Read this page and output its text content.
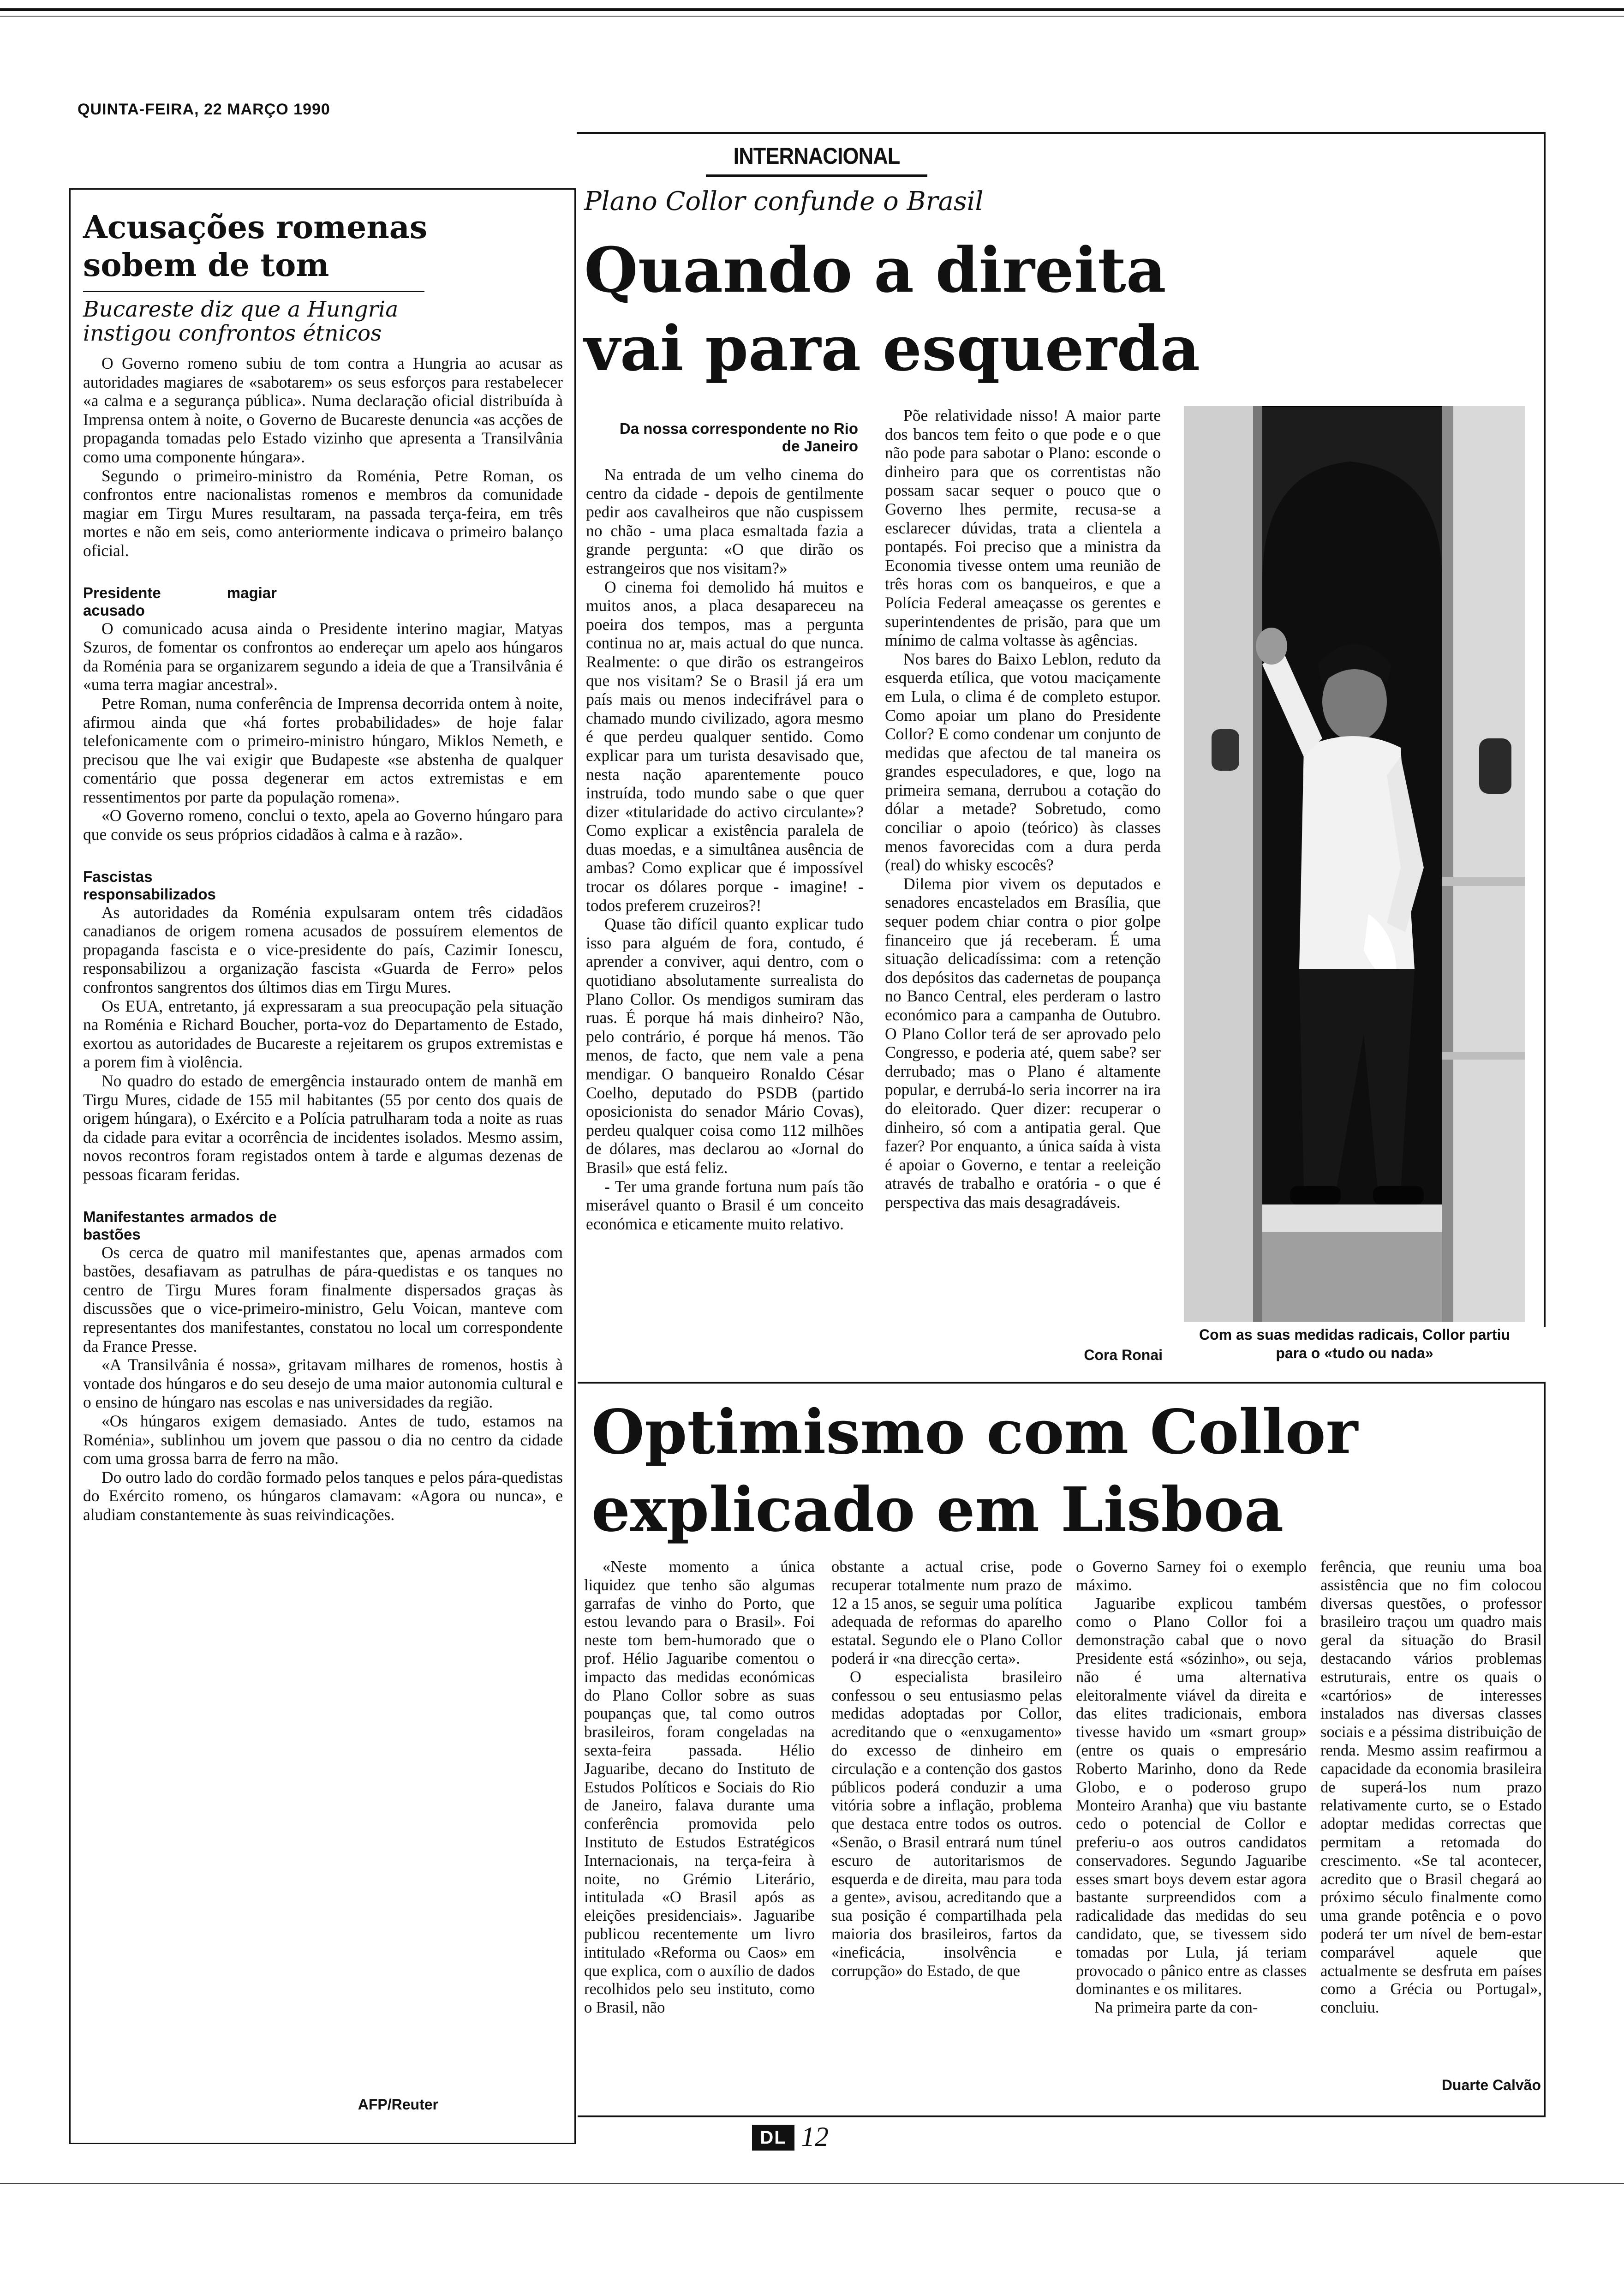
QUINTA-FEIRA, 22 MARÇO 1990
INTERNACIONAL
Acusações romenas sobem de tom
Bucareste diz que a Hungria instigou confrontos étnicos

O Governo romeno subiu de tom contra a Hungria ao acusar as autoridades magiares de «sabotarem» os seus esforços para restabelecer «a calma e a segurança pública». Numa declaração oficial distribuída à Imprensa ontem à noite, o Governo de Bucareste denuncia «as acções de propaganda tomadas pelo Estado vizinho que apresenta a Transilvânia como uma componente húngara».

Segundo o primeiro-ministro da Roménia, Petre Roman, os confrontos entre nacionalistas romenos e membros da comunidade magiar em Tirgu Mures resultaram, na passada terça-feira, em três mortes e não em seis, como anteriormente indicava o primeiro balanço oficial.

Presidente magiar acusado

O comunicado acusa ainda o Presidente interino magiar, Matyas Szuros, de fomentar os confrontos ao endereçar um apelo aos húngaros da Roménia para se organizarem segundo a ideia de que a Transilvânia é «uma terra magiar ancestral».

Petre Roman, numa conferência de Imprensa decorrida ontem à noite, afirmou ainda que «há fortes probabilidades» de hoje falar telefonicamente com o primeiro-ministro húngaro, Miklos Nemeth, e precisou que lhe vai exigir que Budapeste «se abstenha de qualquer comentário que possa degenerar em actos extremistas e em ressentimentos por parte da população romena».

«O Governo romeno, conclui o texto, apela ao Governo húngaro para que convide os seus próprios cidadãos à calma e à razão».

Fascistas responsabilizados

As autoridades da Roménia expulsaram ontem três cidadãos canadianos de origem romena acusados de possuírem elementos de propaganda fascista e o vice-presidente do país, Cazimir Ionescu, responsabilizou a organização fascista «Guarda de Ferro» pelos confrontos sangrentos dos últimos dias em Tirgu Mures.

Os EUA, entretanto, já expressaram a sua preocupação pela situação na Roménia e Richard Boucher, porta-voz do Departamento de Estado, exortou as autoridades de Bucareste a rejeitarem os grupos extremistas e a porem fim à violência.

No quadro do estado de emergência instaurado ontem de manhã em Tirgu Mures, cidade de 155 mil habitantes (55 por cento dos quais de origem húngara), o Exército e a Polícia patrulharam toda a noite as ruas da cidade para evitar a ocorrência de incidentes isolados. Mesmo assim, novos recontros foram registados ontem à tarde e algumas dezenas de pessoas ficaram feridas.

Manifestantes armados de bastões

Os cerca de quatro mil manifestantes que, apenas armados com bastões, desafiavam as patrulhas de pára-quedistas e os tanques no centro de Tirgu Mures foram finalmente dispersados graças às discussões que o vice-primeiro-ministro, Gelu Voican, manteve com representantes dos manifestantes, constatou no local um correspondente da France Presse.

«A Transilvânia é nossa», gritavam milhares de romenos, hostis à vontade dos húngaros e do seu desejo de uma maior autonomia cultural e o ensino de húngaro nas escolas e nas universidades da região.

«Os húngaros exigem demasiado. Antes de tudo, estamos na Roménia», sublinhou um jovem que passou o dia no centro da cidade com uma grossa barra de ferro na mão.

Do outro lado do cordão formado pelos tanques e pelos pára-quedistas do Exército romeno, os húngaros clamavam: «Agora ou nunca», e aludiam constantemente às suas reivindicações.

AFP/Reuter
Plano Collor confunde o Brasil
Quando a direita vai para esquerda
Da nossa correspondente no Rio de Janeiro

Na entrada de um velho cinema do centro da cidade - depois de gentilmente pedir aos cavalheiros que não cuspissem no chão - uma placa esmaltada fazia a grande pergunta: «O que dirão os estrangeiros que nos visitam?»

O cinema foi demolido há muitos e muitos anos, a placa desapareceu na poeira dos tempos, mas a pergunta continua no ar, mais actual do que nunca. Realmente: o que dirão os estrangeiros que nos visitam? Se o Brasil já era um país mais ou menos indecifrável para o chamado mundo civilizado, agora mesmo é que perdeu qualquer sentido. Como explicar para um turista desavisado que, nesta nação aparentemente pouco instruída, todo mundo sabe o que quer dizer «titularidade do activo circulante»? Como explicar a existência paralela de duas moedas, e a simultânea ausência de ambas? Como explicar que é impossível trocar os dólares porque - imagine! - todos preferem cruzeiros?!

Quase tão difícil quanto explicar tudo isso para alguém de fora, contudo, é aprender a conviver, aqui dentro, com o quotidiano absolutamente surrealista do Plano Collor. Os mendigos sumiram das ruas. É porque há mais dinheiro? Não, pelo contrário, é porque há menos. Tão menos, de facto, que nem vale a pena mendigar. O banqueiro Ronaldo César Coelho, deputado do PSDB (partido oposicionista do senador Mário Covas), perdeu qualquer coisa como 112 milhões de dólares, mas declarou ao «Jornal do Brasil» que está feliz.

- Ter uma grande fortuna num país tão miserável quanto o Brasil é um conceito económica e eticamente muito relativo.

Põe relatividade nisso! A maior parte dos bancos tem feito o que pode e o que não pode para sabotar o Plano: esconde o dinheiro para que os correntistas não possam sacar sequer o pouco que o Governo lhes permite, recusa-se a esclarecer dúvidas, trata a clientela a pontapés. Foi preciso que a ministra da Economia tivesse ontem uma reunião de três horas com os banqueiros, e que a Polícia Federal ameaçasse os gerentes e superintendentes de prisão, para que um mínimo de calma voltasse às agências.

Nos bares do Baixo Leblon, reduto da esquerda etílica, que votou maciçamente em Lula, o clima é de completo estupor. Como apoiar um plano do Presidente Collor? E como condenar um conjunto de medidas que afectou de tal maneira os grandes especuladores, e que, logo na primeira semana, derrubou a cotação do dólar a metade? Sobretudo, como conciliar o apoio (teórico) às classes menos favorecidas com a dura perda (real) do whisky escocês?

Dilema pior vivem os deputados e senadores encastelados em Brasília, que sequer podem chiar contra o pior golpe financeiro que já receberam. É uma situação delicadíssima: com a retenção dos depósitos das cadernetas de poupança no Banco Central, eles perderam o lastro económico para a campanha de Outubro. O Plano Collor terá de ser aprovado pelo Congresso, e poderia até, quem sabe? ser derrubado; mas o Plano é altamente popular, e derrubá-lo seria incorrer na ira do eleitorado. Quer dizer: recuperar o dinheiro, só com a antipatia geral. Que fazer? Por enquanto, a única saída à vista é apoiar o Governo, e tentar a reeleição através de trabalho e oratória - o que é perspectiva das mais desagradáveis.

Cora Ronai
Com as suas medidas radicais, Collor partiu para o «tudo ou nada»
Optimismo com Collor explicado em Lisboa

«Neste momento a única liquidez que tenho são algumas garrafas de vinho do Porto, que estou levando para o Brasil». Foi neste tom bem-humorado que o prof. Hélio Jaguaribe comentou o impacto das medidas económicas do Plano Collor sobre as suas poupanças que, tal como outros brasileiros, foram congeladas na sexta-feira passada. Hélio Jaguaribe, decano do Instituto de Estudos Políticos e Sociais do Rio de Janeiro, falava durante uma conferência promovida pelo Instituto de Estudos Estratégicos Internacionais, na terça-feira à noite, no Grémio Literário, intitulada «O Brasil após as eleições presidenciais». Jaguaribe publicou recentemente um livro intitulado «Reforma ou Caos» em que explica, com o auxílio de dados recolhidos pelo seu instituto, como o Brasil, não

obstante a actual crise, pode recuperar totalmente num prazo de 12 a 15 anos, se seguir uma política adequada de reformas do aparelho estatal. Segundo ele o Plano Collor poderá ir «na direcção certa».

O especialista brasileiro confessou o seu entusiasmo pelas medidas adoptadas por Collor, acreditando que o «enxugamento» do excesso de dinheiro em circulação e a contenção dos gastos públicos poderá conduzir a uma vitória sobre a inflação, problema que destaca entre todos os outros. «Senão, o Brasil entrará num túnel escuro de autoritarismos de esquerda e de direita, mau para toda a gente», avisou, acreditando que a sua posição é compartilhada pela maioria dos brasileiros, fartos da «ineficácia, insolvência e corrupção» do Estado, de que

o Governo Sarney foi o exemplo máximo.

Jaguaribe explicou também como o Plano Collor foi a demonstração cabal que o novo Presidente está «sózinho», ou seja, não é uma alternativa eleitoralmente viável da direita e das elites tradicionais, embora tivesse havido um «smart group» (entre os quais o empresário Roberto Marinho, dono da Rede Globo, e o poderoso grupo Monteiro Aranha) que viu bastante cedo o potencial de Collor e preferiu-o aos outros candidatos conservadores. Segundo Jaguaribe esses smart boys devem estar agora bastante surpreendidos com a radicalidade das medidas do seu candidato, que, se tivessem sido tomadas por Lula, já teriam provocado o pânico entre as classes dominantes e os militares.

Na primeira parte da con-

ferência, que reuniu uma boa assistência que no fim colocou diversas questões, o professor brasileiro traçou um quadro mais geral da situação do Brasil destacando vários problemas estruturais, entre os quais o «cartórios» de interesses instalados nas diversas classes sociais e a péssima distribuição de renda. Mesmo assim reafirmou a capacidade da economia brasileira de superá-los num prazo relativamente curto, se o Estado adoptar medidas correctas que permitam a retomada do crescimento. «Se tal acontecer, acredito que o Brasil chegará ao próximo século finalmente como uma grande potência e o povo poderá ter um nível de bem-estar comparável aquele que actualmente se desfruta em países como a Grécia ou Portugal», concluiu.

Duarte Calvão
DL 12
